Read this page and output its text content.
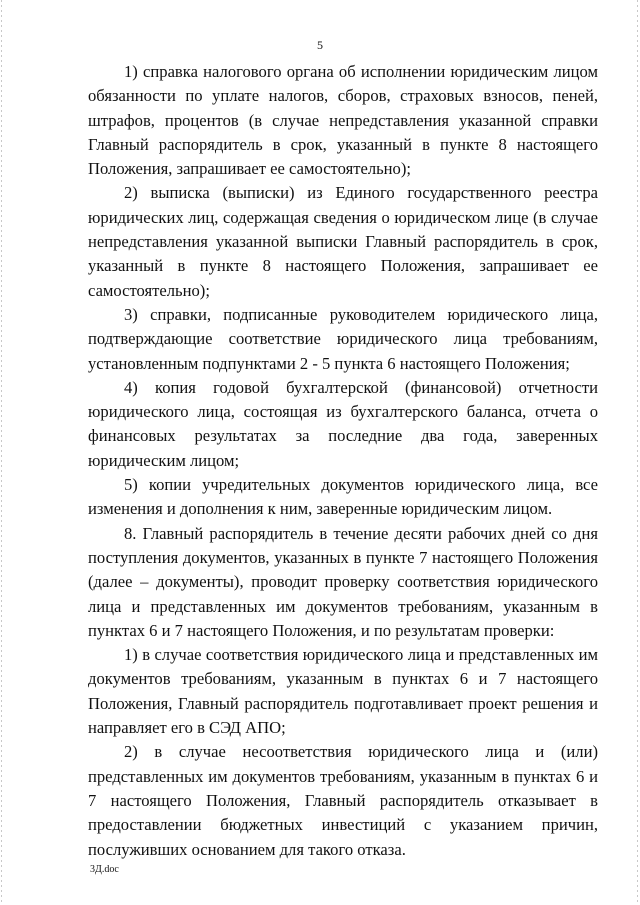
5

1) справка налогового органа об исполнении юридическим лицом обязанности по уплате налогов, сборов, страховых взносов, пеней, штрафов, процентов (в случае непредставления указанной справки Главный распорядитель в срок, указанный в пункте 8 настоящего Положения, запрашивает ее самостоятельно);

2) выписка (выписки) из Единого государственного реестра юридических лиц, содержащая сведения о юридическом лице (в случае непредставления указанной выписки Главный распорядитель в срок, указанный в пункте 8 настоящего Положения, запрашивает ее самостоятельно);

3) справки, подписанные руководителем юридического лица, подтверждающие соответствие юридического лица требованиям, установленным подпунктами 2 - 5 пункта 6 настоящего Положения;

4) копия годовой бухгалтерской (финансовой) отчетности юридического лица, состоящая из бухгалтерского баланса, отчета о финансовых результатах за последние два года, заверенных юридическим лицом;

5) копии учредительных документов юридического лица, все изменения и дополнения к ним, заверенные юридическим лицом.

8. Главный распорядитель в течение десяти рабочих дней со дня поступления документов, указанных в пункте 7 настоящего Положения (далее – документы), проводит проверку соответствия юридического лица и представленных им документов требованиям, указанным в пунктах 6 и 7 настоящего Положения, и по результатам проверки:

1) в случае соответствия юридического лица и представленных им документов требованиям, указанным в пунктах 6 и 7 настоящего Положения, Главный распорядитель подготавливает проект решения и направляет его в СЭД АПО;

2) в случае несоответствия юридического лица и (или) представленных им документов требованиям, указанным в пунктах 6 и 7 настоящего Положения, Главный распорядитель отказывает в предоставлении бюджетных инвестиций с указанием причин, послуживших основанием для такого отказа.

3Д.doc
